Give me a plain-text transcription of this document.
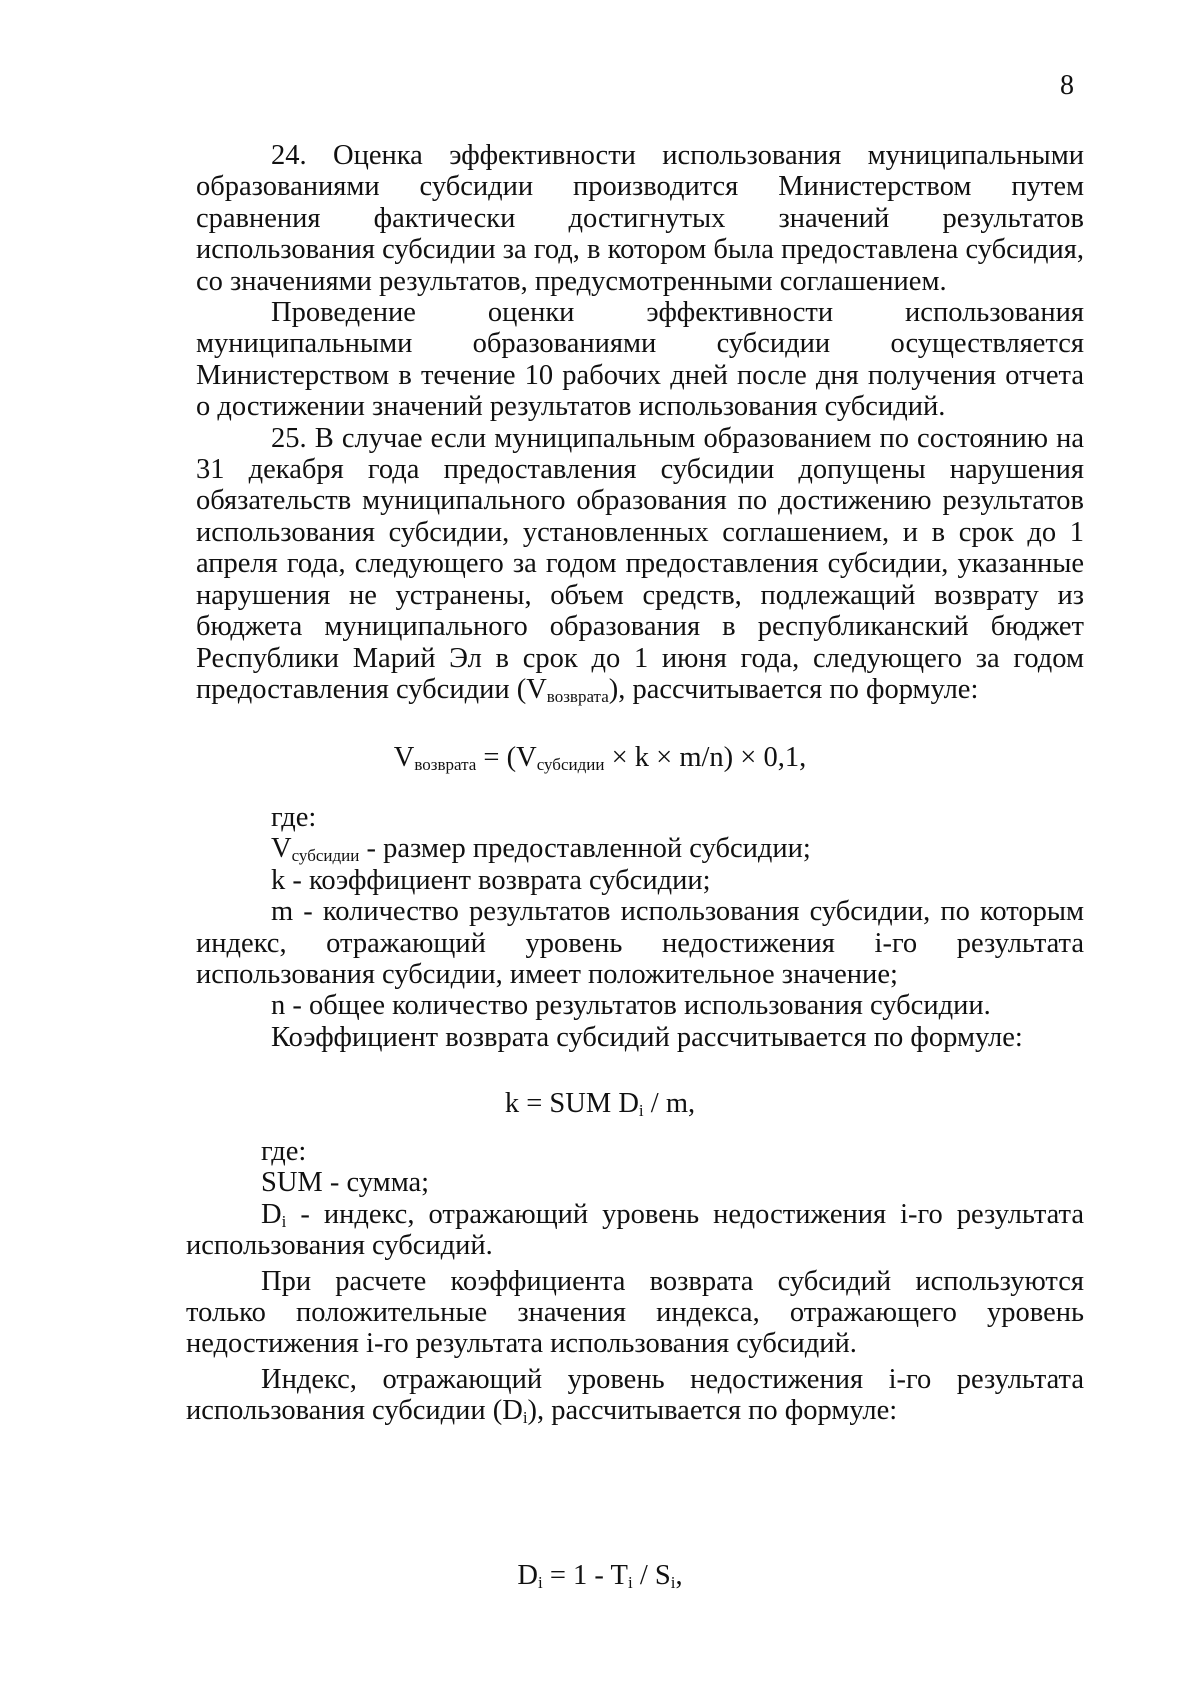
8

24. Оценка эффективности использования муниципальными образованиями субсидии производится Министерством путем сравнения фактически достигнутых значений результатов использования субсидии за год, в котором была предоставлена субсидия, со значениями результатов, предусмотренными соглашением.

Проведение оценки эффективности использования муниципальными образованиями субсидии осуществляется Министерством в течение 10 рабочих дней после дня получения отчета о достижении значений результатов использования субсидий.

25. В случае если муниципальным образованием по состоянию на 31 декабря года предоставления субсидии допущены нарушения обязательств муниципального образования по достижению результатов использования субсидии, установленных соглашением, и в срок до 1 апреля года, следующего за годом предоставления субсидии, указанные нарушения не устранены, объем средств, подлежащий возврату из бюджета муниципального образования в республиканский бюджет Республики Марий Эл в срок до 1 июня года, следующего за годом предоставления субсидии $(V_{возврата})$, рассчитывается по формуле:

$V_{возврата} = (V_{субсидии} \times k \times m/n) \times 0,1$,

где:

$V_{субсидии}$ - размер предоставленной субсидии;

k - коэффициент возврата субсидии;

m - количество результатов использования субсидии, по которым индекс, отражающий уровень недостижения i-го результата использования субсидии, имеет положительное значение;

n - общее количество результатов использования субсидии.

Коэффициент возврата субсидий рассчитывается по формуле:

k = SUM $D_i$ / m,

где:

SUM - сумма;

$D_i$ - индекс, отражающий уровень недостижения i-го результата использования субсидий.

При расчете коэффициента возврата субсидий используются только положительные значения индекса, отражающего уровень недостижения i-го результата использования субсидий.

Индекс, отражающий уровень недостижения i-го результата использования субсидии $(D_i)$, рассчитывается по формуле:

$D_i = 1 - T_i / S_i$,
